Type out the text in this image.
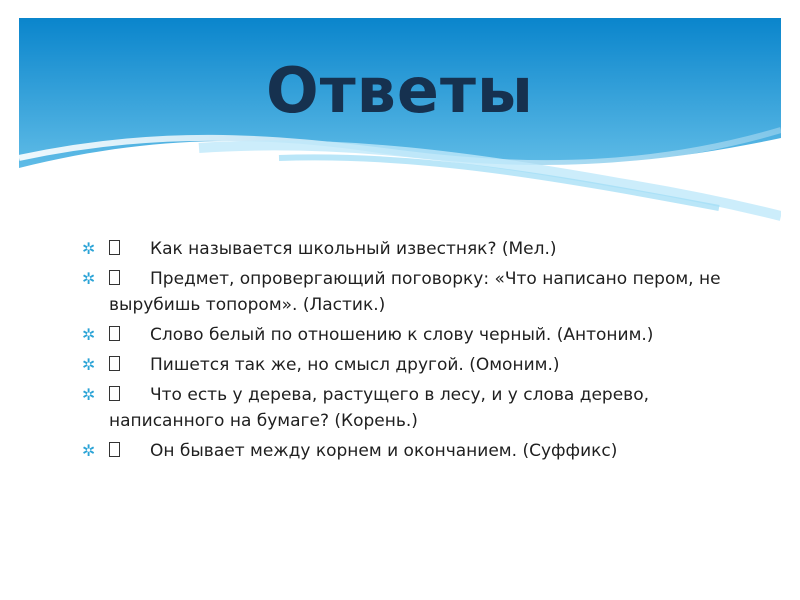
Ответы
✲	Как называется школьный известняк? (Мел.)
✲	Предмет, опровергающий поговорку: «Что написано пером, не вырубишь топором». (Ластик.)
✲	Слово белый по отношению к слову черный. (Антоним.)
✲	Пишется так же, но смысл другой. (Омоним.)
✲	Что есть у дерева, растущего в лесу, и у слова дерево, написанного на бумаге? (Корень.)
✲	Он бывает между корнем и окончанием. (Суффикс)
